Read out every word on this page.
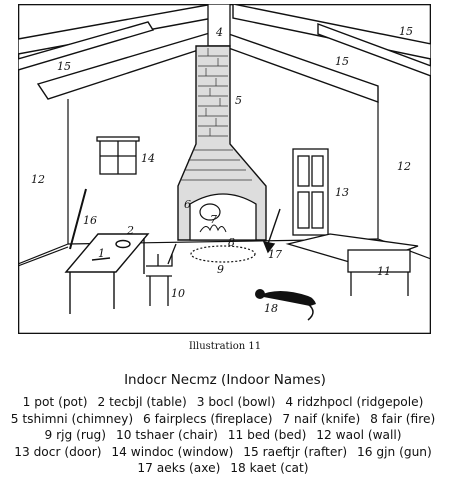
15
4
15
15
5
12
14
12
13
6
7
2
16
1
8
17
11
9
10
18
Illustration 11
Indocr Necmz (Indoor Names)
1 pot (pot) 2 tecbjl (table) 3 bocl (bowl) 4 ridzhpocl (ridgepole)
5 tshimni (chimney) 6 fairplecs (fireplace) 7 naif (knife) 8 fair (fire)
9 rjg (rug) 10 tshaer (chair) 11 bed (bed) 12 waol (wall)
13 docr (door) 14 windoc (window) 15 raeftjr (rafter) 16 gjn (gun)
17 aeks (axe) 18 kaet (cat)
